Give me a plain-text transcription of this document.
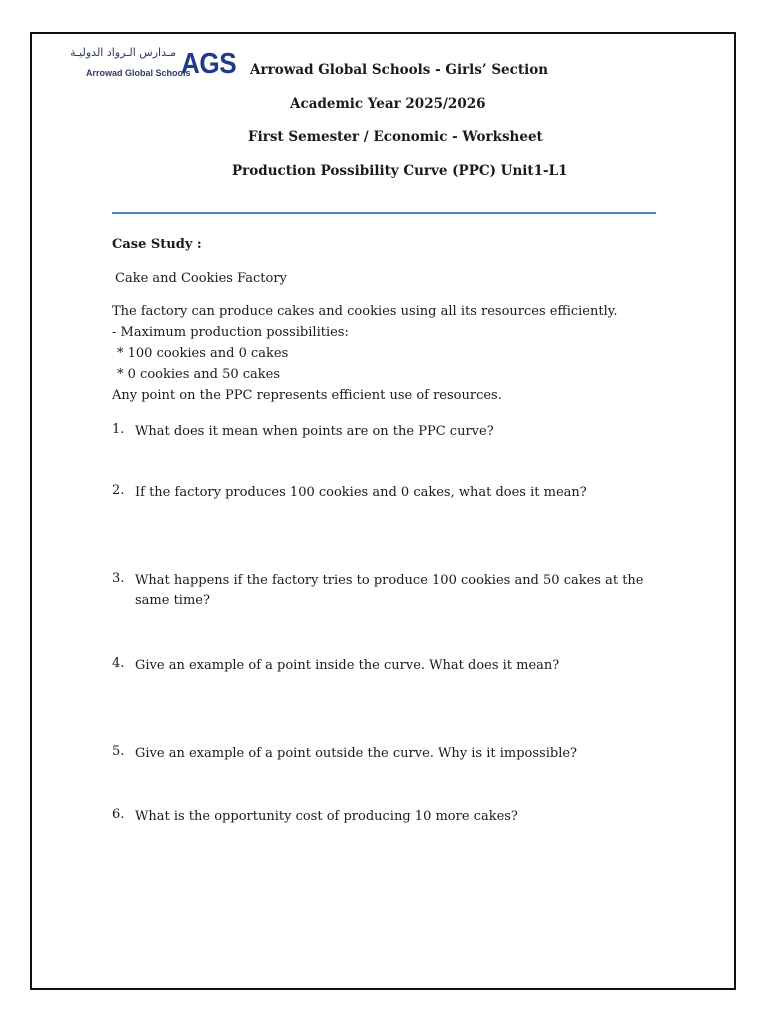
مـدارس الـرواد الدوليـة
Arrowad Global Schools
AGS Arrowad Global Schools - Girls’ Section
Academic Year 2025/2026
First Semester / Economic - Worksheet
Production Possibility Curve (PPC) Unit1-L1
Case Study :
Cake and Cookies Factory
The factory can produce cakes and cookies using all its resources efficiently.
- Maximum production possibilities:
* 100 cookies and 0 cakes
* 0 cookies and 50 cakes
Any point on the PPC represents efficient use of resources.
1. What does it mean when points are on the PPC curve?
2. If the factory produces 100 cookies and 0 cakes, what does it mean?
3. What happens if the factory tries to produce 100 cookies and 50 cakes at the same time?
4. Give an example of a point inside the curve. What does it mean?
5. Give an example of a point outside the curve. Why is it impossible?
6. What is the opportunity cost of producing 10 more cakes?
